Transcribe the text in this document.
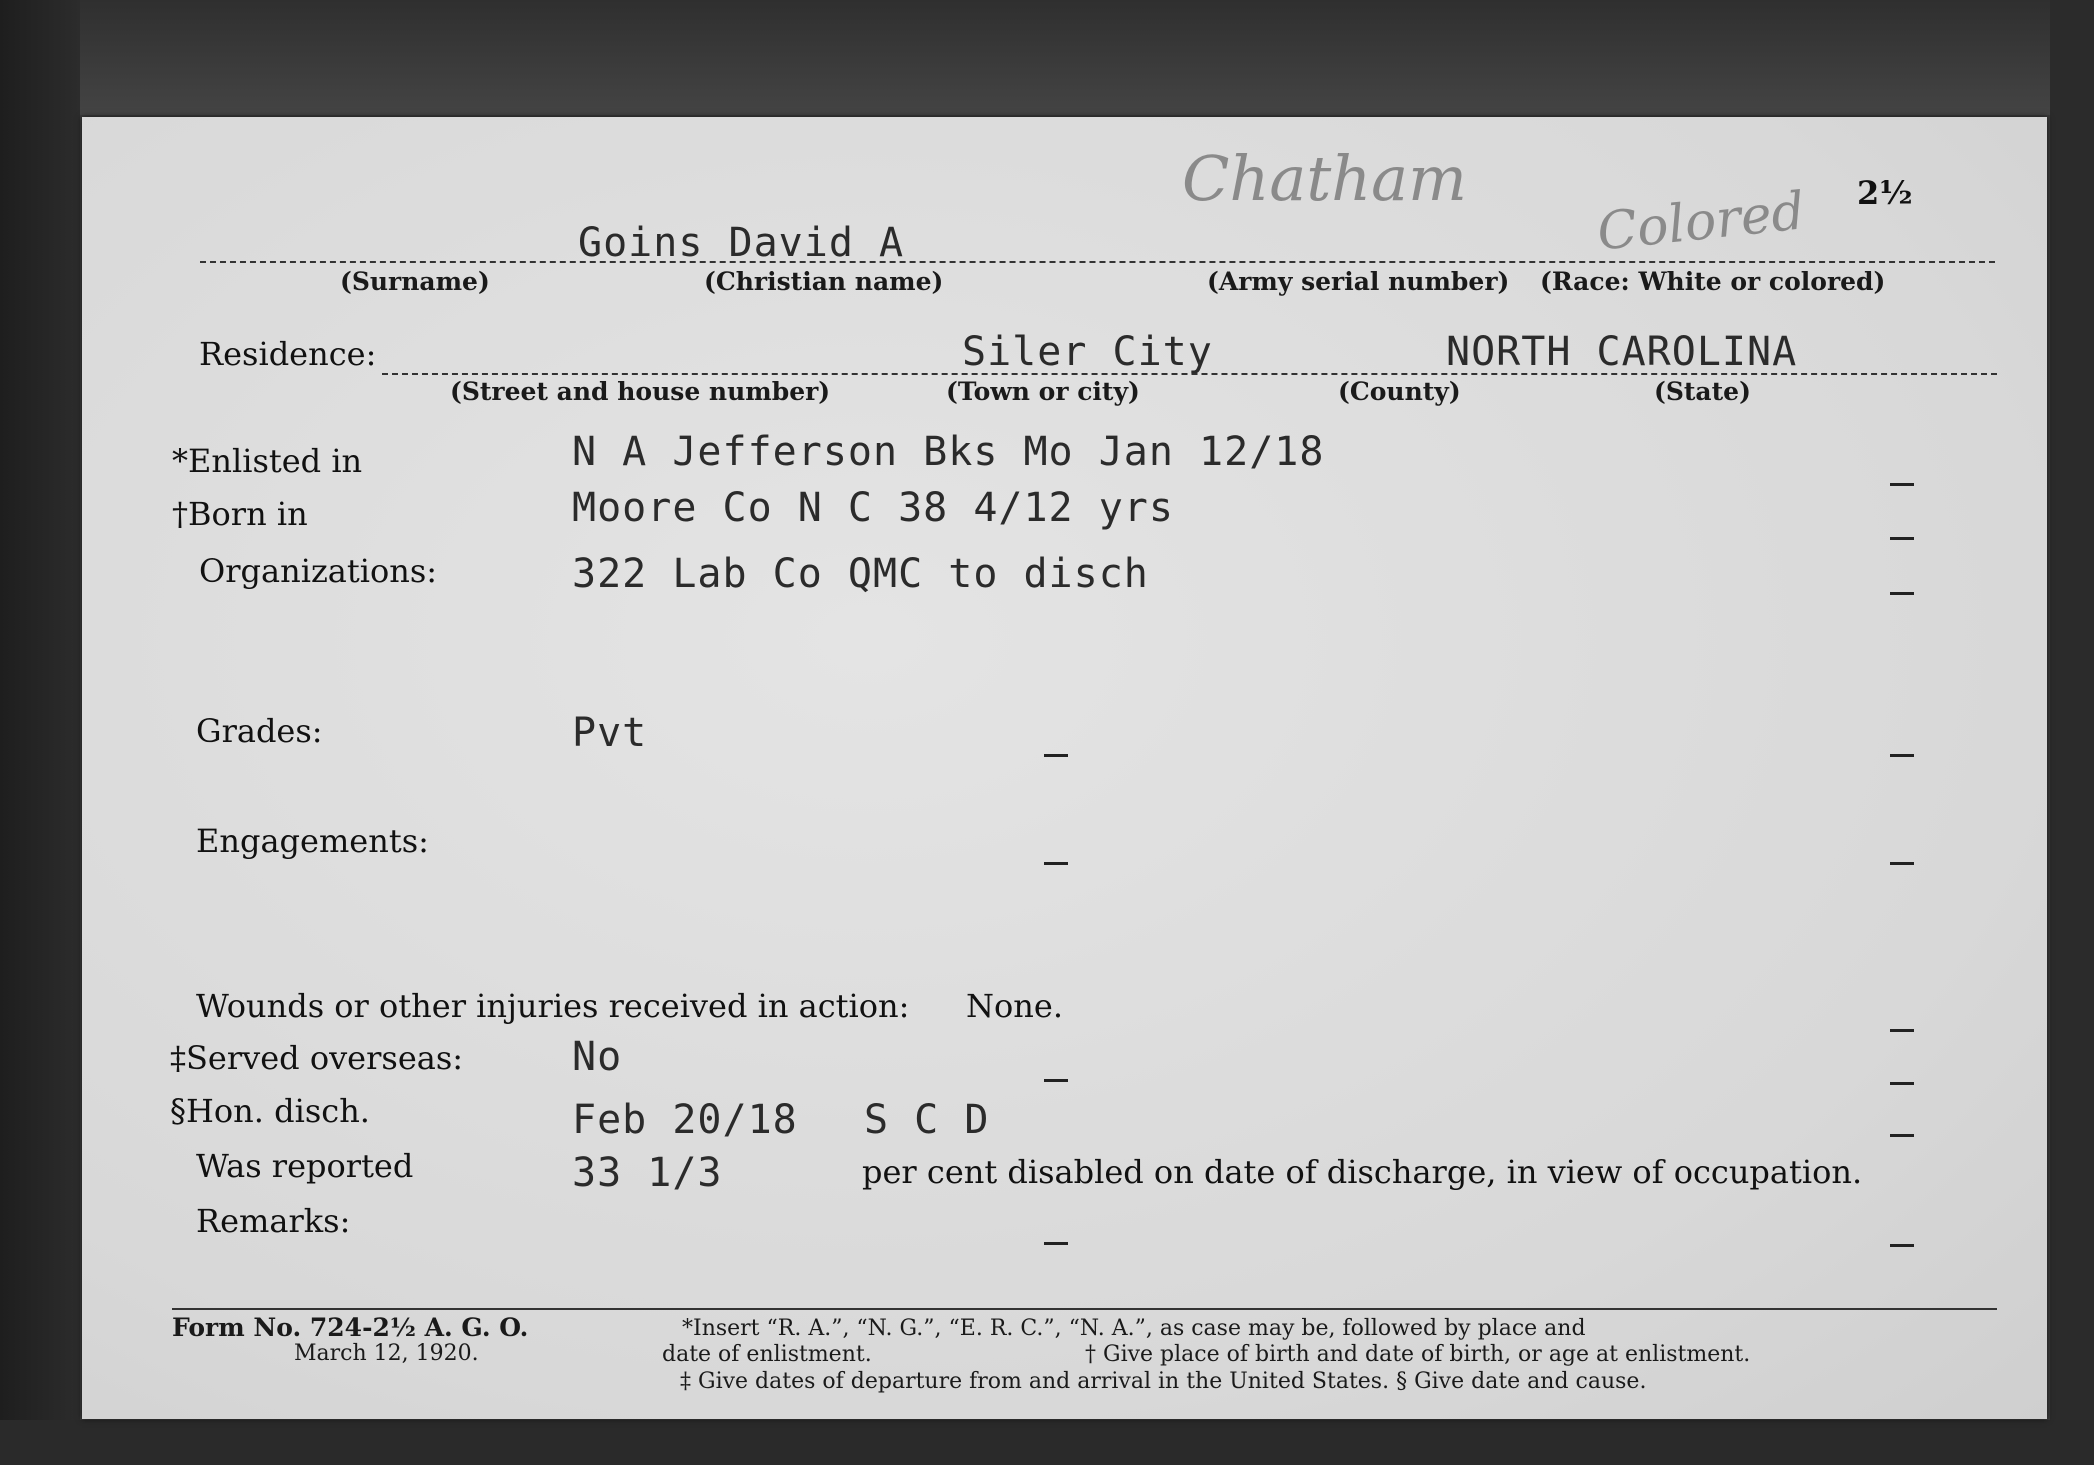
Chatham
Colored 2½
Goins David A
(Surname)	(Christian name)	(Army serial number) (Race: White or colored)
Residence:	Siler City	NORTH CAROLINA
(Street and house number)	(Town or city)	(County)	(State)
*Enlisted in	N A Jefferson Bks Mo Jan 12/18
†Born in	Moore Co N C 38 4/12 yrs
Organizations:	322 Lab Co QMC to disch
Grades:	Pvt
Engagements:
Wounds or other injuries received in action: None.
‡Served overseas:	No
§Hon. disch.	Feb 20/18 S C D
Was reported	33 1/3	per cent disabled on date of discharge, in view of occupation.
Remarks:
Form No. 724-2½ A. G. O.
March 12, 1920.
*Insert “R. A.”, “N. G.”, “E. R. C.”, “N. A.”, as case may be, followed by place and
date of enlistment.	† Give place of birth and date of birth, or age at enlistment.
‡ Give dates of departure from and arrival in the United States. § Give date and cause.
